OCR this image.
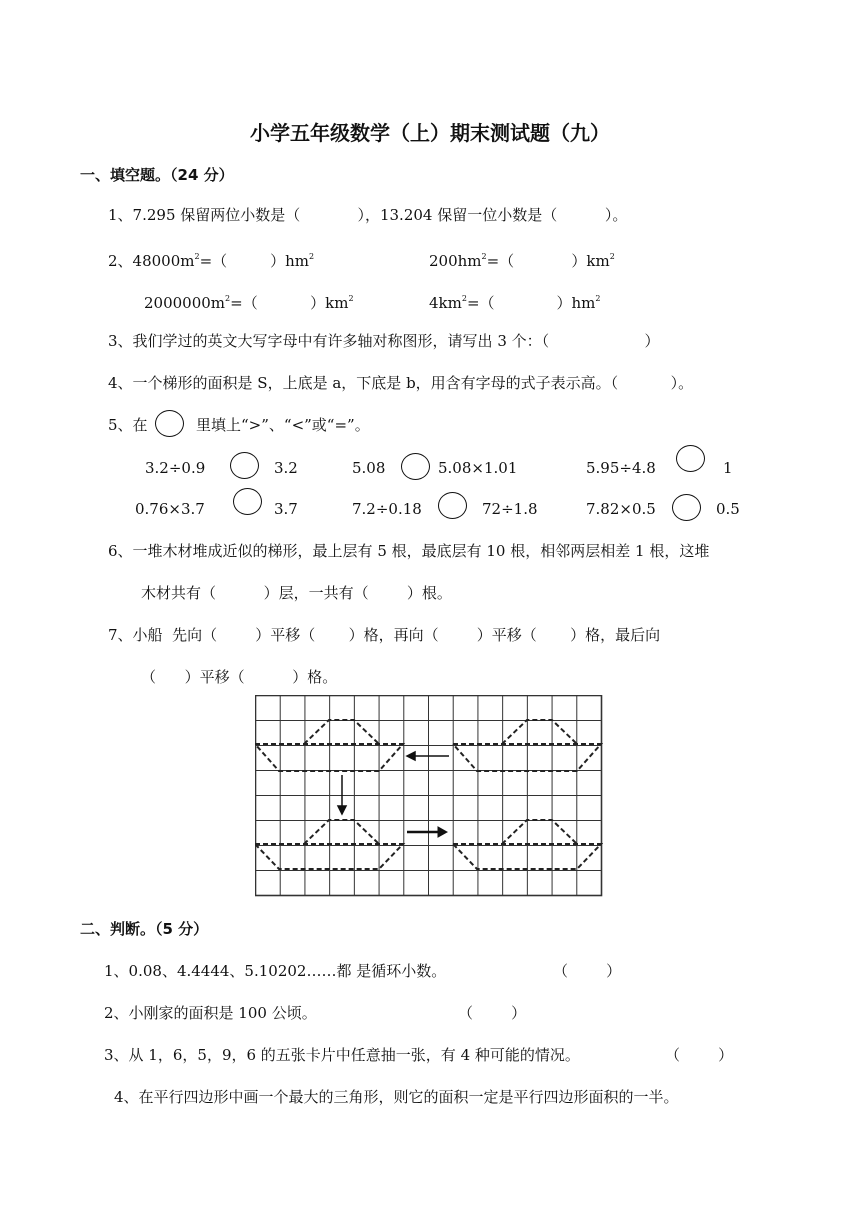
小学五年级数学（上）期末测试题（九）
一、填空题。（24 分）
1、7.295 保留两位小数是（            ），13.204 保留一位小数是（          ）。
2、$48000m^2=$（         ）$hm^2$	$200hm^2=$（            ）$km^2$
$2000000m^2=$（           ）$km^2$	$4km^2=$（             ）$hm^2$
3、我们学过的英文大写字母中有许多轴对称图形，请写出 3 个：（                    ）
4、一个梯形的面积是 S，上底是 a，下底是 b，用含有字母的式子表示高。（           ）。
5、在	里填上“>”、“<”或“=”。
3.2÷0.9	3.2	5.08	5.08×1.01	5.95÷4.8	1
0.76×3.7	3.7	7.2÷0.18	72÷1.8	7.82×0.5	0.5
6、一堆木材堆成近似的梯形，最上层有 5 根，最底层有 10 根，相邻两层相差 1 根，这堆
木材共有（          ）层，一共有（        ）根。
7、小船  先向（        ）平移（       ）格，再向（        ）平移（       ）格，最后向
（      ）平移（          ）格。
二、判断。（5 分）
1、0.08、4.4444、5.10202……都 是循环小数。	（        ）
2、小刚家的面积是 100 公顷。	（        ）
3、从 1，6，5，9，6 的五张卡片中任意抽一张，有 4 种可能的情况。	（        ）
4、在平行四边形中画一个最大的三角形，则它的面积一定是平行四边形面积的一半。
